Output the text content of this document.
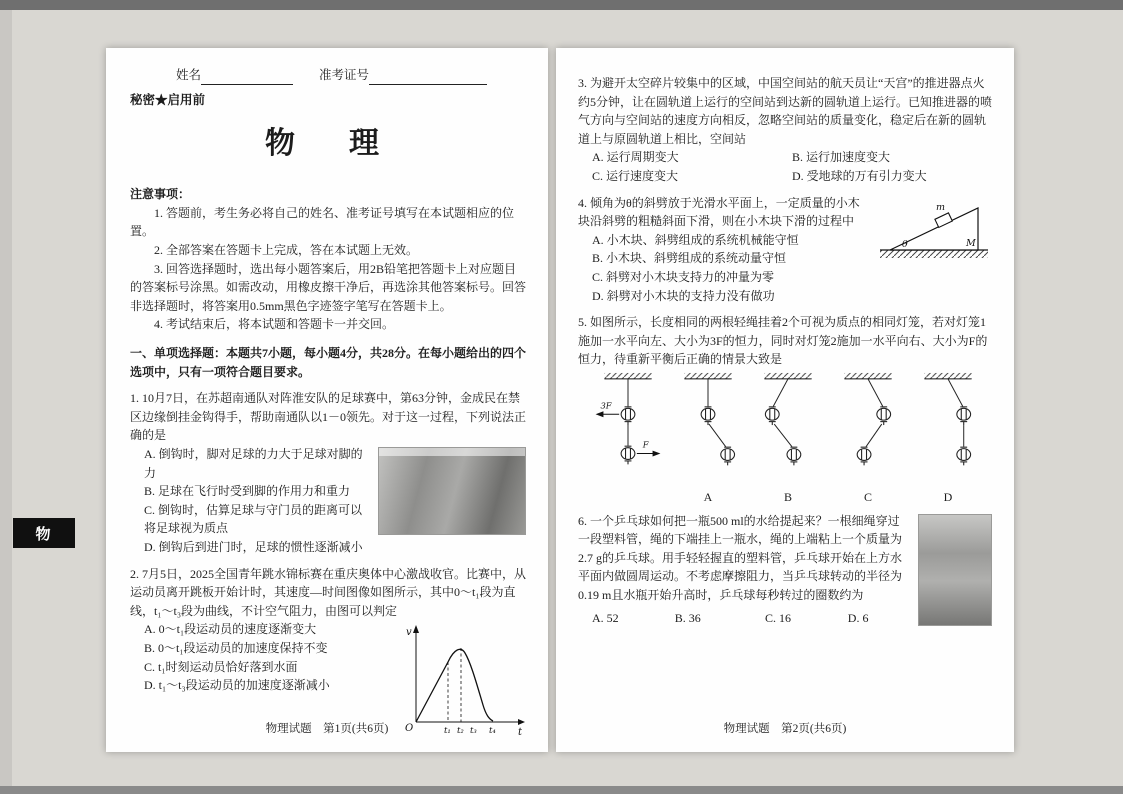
物
姓名	准考证号
秘密★启用前
物　理
注意事项：
1. 答题前，考生务必将自己的姓名、准考证号填写在本试题相应的位置。
2. 全部答案在答题卡上完成，答在本试题上无效。
3. 回答选择题时，选出每小题答案后，用2B铅笔把答题卡上对应题目的答案标号涂黑。如需改动，用橡皮擦干净后，再选涂其他答案标号。回答非选择题时，将答案用0.5mm黑色字迹签字笔写在答题卡上。
4. 考试结束后，将本试题和答题卡一并交回。
一、单项选择题：本题共7小题，每小题4分，共28分。在每小题给出的四个选项中，只有一项符合题目要求。
1. 10月7日，在苏超南通队对阵淮安队的足球赛中，第63分钟，金成民在禁区边缘倒挂金钩得手，帮助南通队以1－0领先。对于这一过程，下列说法正确的是
A. 倒钩时，脚对足球的力大于足球对脚的力
B. 足球在飞行时受到脚的作用力和重力
C. 倒钩时，估算足球与守门员的距离可以将足球视为质点
D. 倒钩后到进门时，足球的惯性逐渐减小
2. 7月5日，2025全国青年跳水锦标赛在重庆奥体中心激战收官。比赛中，从运动员离开跳板开始计时，其速度—时间图像如图所示，其中0～t₁段为直线，t₁～t₃段为曲线，不计空气阻力，由图可以判定
v
t
O	t₁ t₂ t₃ t₄
A. 0～t₁段运动员的速度逐渐变大
B. 0～t₁段运动员的加速度保持不变
C. t₁时刻运动员恰好落到水面
D. t₁～t₃段运动员的加速度逐渐减小
物理试题　第1页(共6页)
3. 为避开太空碎片较集中的区域，中国空间站的航天员让“天宫”的推进器点火约5分钟，让在圆轨道上运行的空间站到达新的圆轨道上运行。已知推进器的喷气方向与空间站的速度方向相反，忽略空间站的质量变化，稳定后在新的圆轨道上与原圆轨道上相比，空间站
A. 运行周期变大	B. 运行加速度变大
C. 运行速度变大	D. 受地球的万有引力变大
m
M
θ
4. 倾角为θ的斜劈放于光滑水平面上，一定质量的小木块沿斜劈的粗糙斜面下滑，则在小木块下滑的过程中
A. 小木块、斜劈组成的系统机械能守恒
B. 小木块、斜劈组成的系统动量守恒
C. 斜劈对小木块支持力的冲量为零
D. 斜劈对小木块的支持力没有做功
5. 如图所示，长度相同的两根轻绳挂着2个可视为质点的相同灯笼，若对灯笼1施加一水平向左、大小为3F的恒力，同时对灯笼2施加一水平向右、大小为F的恒力，待重新平衡后正确的情景大致是
3F
F
A	B	C	D
6. 一个乒乓球如何把一瓶500 ml的水给提起来？一根细绳穿过一段塑料管，绳的下端挂上一瓶水，绳的上端粘上一个质量为2.7 g的乒乓球。用手轻轻握直的塑料管，乒乓球开始在上方水平面内做圆周运动。不考虑摩擦阻力，当乒乓球转动的半径为0.19 m且水瓶开始升高时，乒乓球每秒转过的圈数约为
A. 52	B. 36	C. 16	D. 6
物理试题　第2页(共6页)
